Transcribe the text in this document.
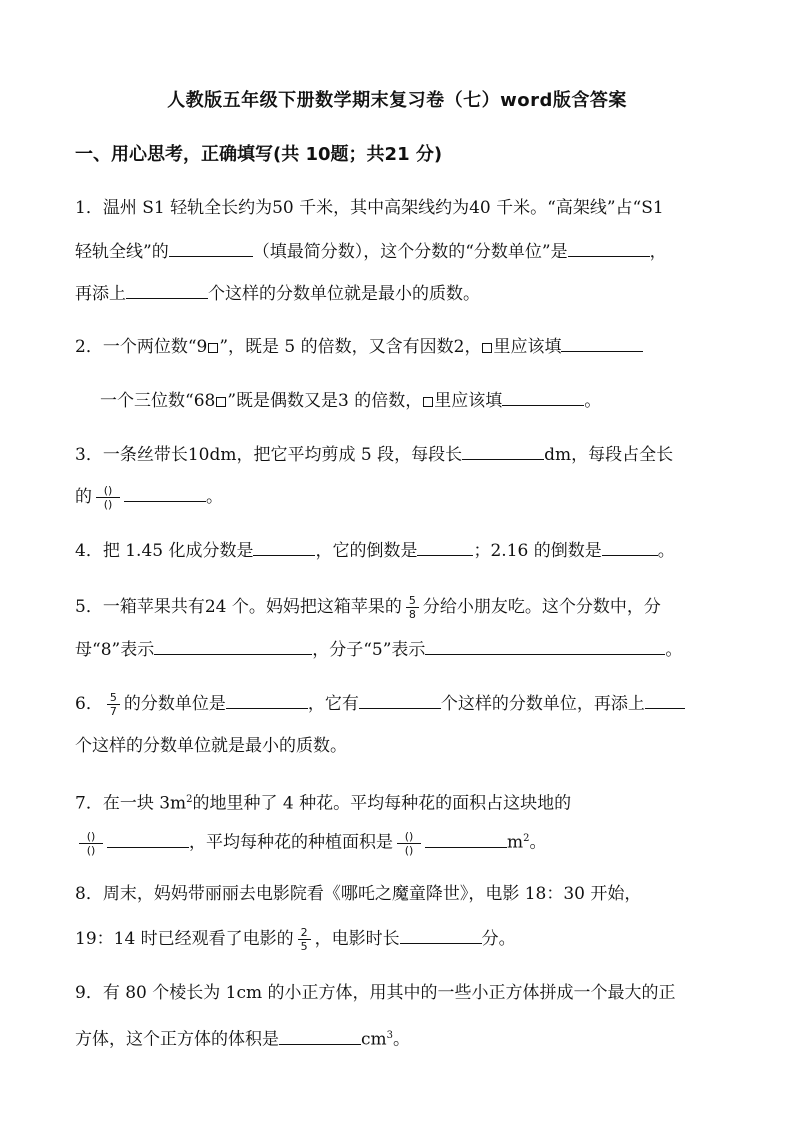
人教版五年级下册数学期末复习卷（七）word版含答案
一、用心思考，正确填写(共 10题；共21 分)
1．温州 S1 轻轨全长约为50 千米，其中高架线约为40 千米。“高架线”占“S1
轻轨全线”的	（填最简分数），这个分数的“分数单位”是	，
再添上	个这样的分数单位就是最小的质数。
2．一个两位数“9 ”，既是 5 的倍数，又含有因数2， 里应该填
一个三位数“68 ”既是偶数又是3 的倍数， 里应该填	。
3．一条丝带长10dm，把它平均剪成 5 段，每段长	dm，每段占全长
的 $\frac{()}{()}$	。
4．把 1.45 化成分数是	，它的倒数是	；2.16 的倒数是	。
5．一箱苹果共有24 个。妈妈把这箱苹果的 $\frac{5}{8}$ 分给小朋友吃。这个分数中，分
母“8”表示	，分子“5”表示	。
6． $\frac{5}{7}$ 的分数单位是	，它有	个这样的分数单位，再添上
个这样的分数单位就是最小的质数。
7．在一块 $3m^2$的地里种了 4 种花。平均每种花的面积占这块地的
$\frac{()}{()}$	，平均每种花的种植面积是 $\frac{()}{()}$	$m^2$。
8．周末，妈妈带丽丽去电影院看《哪吒之魔童降世》，电影 18：30 开始，
19：14 时已经观看了电影的 $\frac{2}{5}$ ，电影时长	分。
9．有 80 个棱长为 1cm 的小正方体，用其中的一些小正方体拼成一个最大的正
方体，这个正方体的体积是	$cm^3$。
